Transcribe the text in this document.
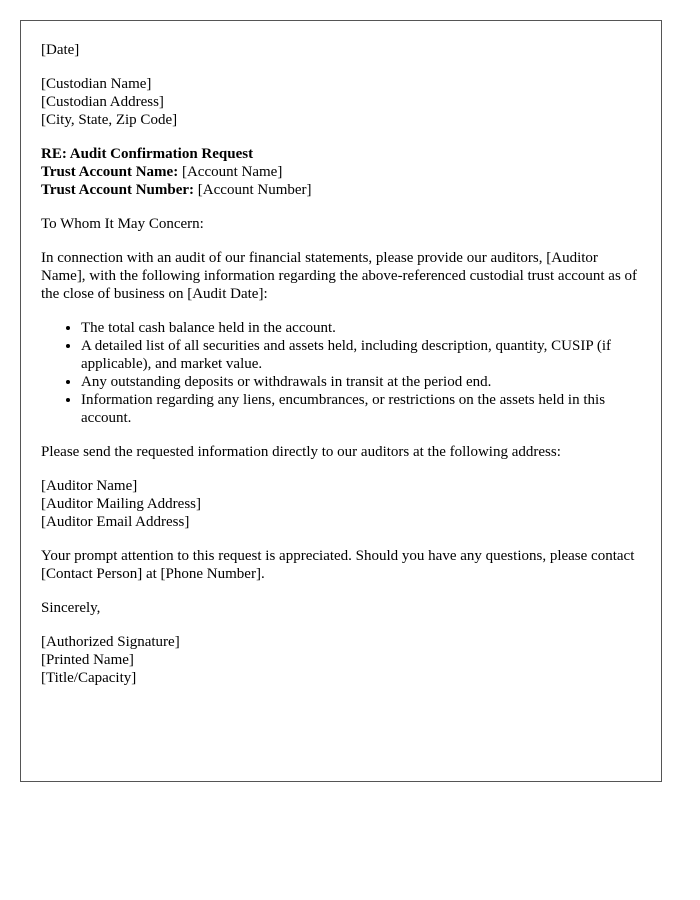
[Date]

[Custodian Name]
[Custodian Address]
[City, State, Zip Code]

RE: Audit Confirmation Request
Trust Account Name: [Account Name]
Trust Account Number: [Account Number]

To Whom It May Concern:

In connection with an audit of our financial statements, please provide our auditors, [Auditor Name], with the following information regarding the above-referenced custodial trust account as of the close of business on [Audit Date]:

• The total cash balance held in the account.
• A detailed list of all securities and assets held, including description, quantity, CUSIP (if applicable), and market value.
• Any outstanding deposits or withdrawals in transit at the period end.
• Information regarding any liens, encumbrances, or restrictions on the assets held in this account.

Please send the requested information directly to our auditors at the following address:

[Auditor Name]
[Auditor Mailing Address]
[Auditor Email Address]

Your prompt attention to this request is appreciated. Should you have any questions, please contact [Contact Person] at [Phone Number].

Sincerely,

[Authorized Signature]
[Printed Name]
[Title/Capacity]
